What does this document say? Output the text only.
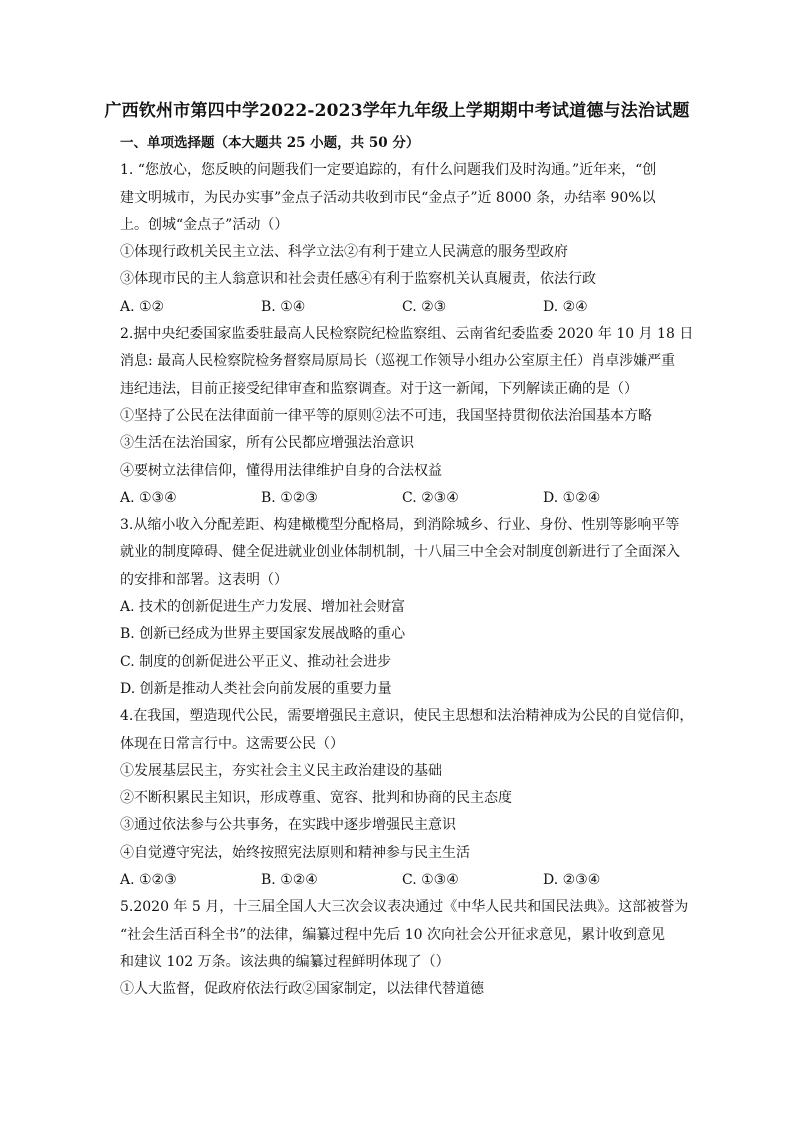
广西钦州市第四中学2022-2023学年九年级上学期期中考试道德与法治试题
一、单项选择题（本大题共 25 小题，共 50 分）
1. “您放心，您反映的问题我们一定要追踪的，有什么问题我们及时沟通。”近年来，“创
建文明城市，为民办实事”金点子活动共收到市民“金点子”近 8000 条，办结率 90%以
上。创城“金点子”活动（）
①体现行政机关民主立法、科学立法②有利于建立人民满意的服务型政府
③体现市民的主人翁意识和社会责任感④有利于监察机关认真履责，依法行政
A. ①②	B. ①④	C. ②③	D. ②④
2.据中央纪委国家监委驻最高人民检察院纪检监察组、云南省纪委监委 2020 年 10 月 18 日
消息: 最高人民检察院检务督察局原局长（巡视工作领导小组办公室原主任）肖卓涉嫌严重
违纪违法，目前正接受纪律审查和监察调查。对于这一新闻，下列解读正确的是（）
①坚持了公民在法律面前一律平等的原则②法不可违，我国坚持贯彻依法治国基本方略
③生活在法治国家，所有公民都应增强法治意识
④要树立法律信仰，懂得用法律维护自身的合法权益
A. ①③④	B. ①②③	C. ②③④	D. ①②④
3.从缩小收入分配差距、构建橄榄型分配格局，到消除城乡、行业、身份、性别等影响平等
就业的制度障碍、健全促进就业创业体制机制，十八届三中全会对制度创新进行了全面深入
的安排和部署。这表明（）
A. 技术的创新促进生产力发展、增加社会财富
B. 创新已经成为世界主要国家发展战略的重心
C. 制度的创新促进公平正义、推动社会进步
D. 创新是推动人类社会向前发展的重要力量
4.在我国，塑造现代公民，需要增强民主意识，使民主思想和法治精神成为公民的自觉信仰，
体现在日常言行中。这需要公民（）
①发展基层民主，夯实社会主义民主政治建设的基础
②不断积累民主知识，形成尊重、宽容、批判和协商的民主态度
③通过依法参与公共事务，在实践中逐步增强民主意识
④自觉遵守宪法，始终按照宪法原则和精神参与民主生活
A. ①②③	B. ①②④	C. ①③④	D. ②③④
5.2020 年 5 月，十三届全国人大三次会议表决通过《中华人民共和国民法典》。这部被誉为
“社会生活百科全书”的法律，编纂过程中先后 10 次向社会公开征求意见，累计收到意见
和建议 102 万条。该法典的编纂过程鲜明体现了（）
①人大监督，促政府依法行政②国家制定，以法律代替道德
